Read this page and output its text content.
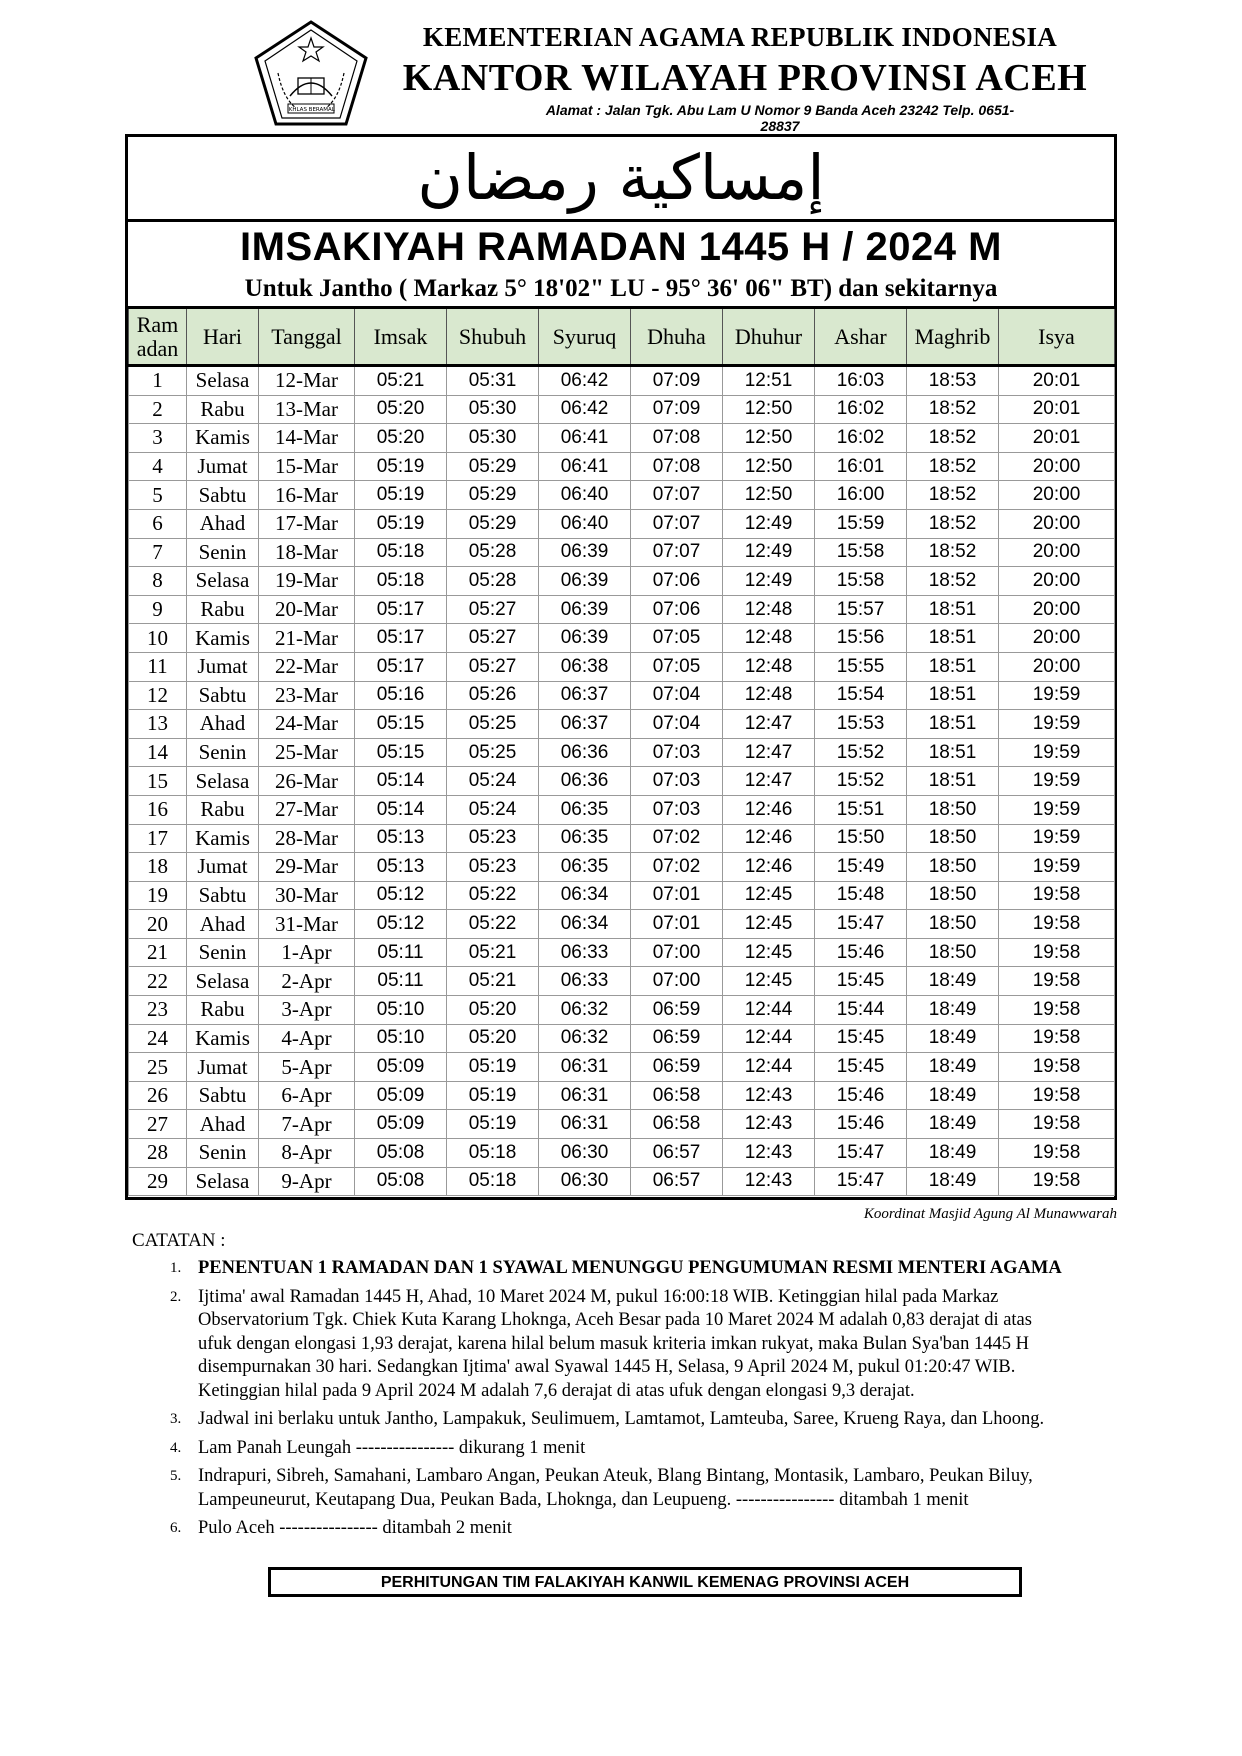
IKHLAS BERAMAL
KEMENTERIAN AGAMA REPUBLIK INDONESIA
KANTOR WILAYAH PROVINSI ACEH
Alamat : Jalan Tgk. Abu Lam U Nomor 9 Banda Aceh 23242 Telp. 0651-28837
إمساكية رمضان
IMSAKIYAH RAMADAN 1445 H / 2024 M
Untuk Jantho ( Markaz 5° 18'02" LU - 95° 36' 06" BT) dan sekitarnya
Ram
adan	Hari	Tanggal	Imsak	Shubuh	Syuruq	Dhuha	Dhuhur	Ashar	Maghrib	Isya
1	Selasa	12-Mar	05:21	05:31	06:42	07:09	12:51	16:03	18:53	20:01
2	Rabu	13-Mar	05:20	05:30	06:42	07:09	12:50	16:02	18:52	20:01
3	Kamis	14-Mar	05:20	05:30	06:41	07:08	12:50	16:02	18:52	20:01
4	Jumat	15-Mar	05:19	05:29	06:41	07:08	12:50	16:01	18:52	20:00
5	Sabtu	16-Mar	05:19	05:29	06:40	07:07	12:50	16:00	18:52	20:00
6	Ahad	17-Mar	05:19	05:29	06:40	07:07	12:49	15:59	18:52	20:00
7	Senin	18-Mar	05:18	05:28	06:39	07:07	12:49	15:58	18:52	20:00
8	Selasa	19-Mar	05:18	05:28	06:39	07:06	12:49	15:58	18:52	20:00
9	Rabu	20-Mar	05:17	05:27	06:39	07:06	12:48	15:57	18:51	20:00
10	Kamis	21-Mar	05:17	05:27	06:39	07:05	12:48	15:56	18:51	20:00
11	Jumat	22-Mar	05:17	05:27	06:38	07:05	12:48	15:55	18:51	20:00
12	Sabtu	23-Mar	05:16	05:26	06:37	07:04	12:48	15:54	18:51	19:59
13	Ahad	24-Mar	05:15	05:25	06:37	07:04	12:47	15:53	18:51	19:59
14	Senin	25-Mar	05:15	05:25	06:36	07:03	12:47	15:52	18:51	19:59
15	Selasa	26-Mar	05:14	05:24	06:36	07:03	12:47	15:52	18:51	19:59
16	Rabu	27-Mar	05:14	05:24	06:35	07:03	12:46	15:51	18:50	19:59
17	Kamis	28-Mar	05:13	05:23	06:35	07:02	12:46	15:50	18:50	19:59
18	Jumat	29-Mar	05:13	05:23	06:35	07:02	12:46	15:49	18:50	19:59
19	Sabtu	30-Mar	05:12	05:22	06:34	07:01	12:45	15:48	18:50	19:58
20	Ahad	31-Mar	05:12	05:22	06:34	07:01	12:45	15:47	18:50	19:58
21	Senin	1-Apr	05:11	05:21	06:33	07:00	12:45	15:46	18:50	19:58
22	Selasa	2-Apr	05:11	05:21	06:33	07:00	12:45	15:45	18:49	19:58
23	Rabu	3-Apr	05:10	05:20	06:32	06:59	12:44	15:44	18:49	19:58
24	Kamis	4-Apr	05:10	05:20	06:32	06:59	12:44	15:45	18:49	19:58
25	Jumat	5-Apr	05:09	05:19	06:31	06:59	12:44	15:45	18:49	19:58
26	Sabtu	6-Apr	05:09	05:19	06:31	06:58	12:43	15:46	18:49	19:58
27	Ahad	7-Apr	05:09	05:19	06:31	06:58	12:43	15:46	18:49	19:58
28	Senin	8-Apr	05:08	05:18	06:30	06:57	12:43	15:47	18:49	19:58
29	Selasa	9-Apr	05:08	05:18	06:30	06:57	12:43	15:47	18:49	19:58
Koordinat Masjid Agung Al Munawwarah
CATATAN :
1. PENENTUAN 1 RAMADAN DAN 1 SYAWAL MENUNGGU PENGUMUMAN RESMI MENTERI AGAMA
2. Ijtima' awal Ramadan 1445 H, Ahad, 10 Maret 2024 M, pukul 16:00:18 WIB. Ketinggian hilal pada Markaz
Observatorium Tgk. Chiek Kuta Karang Lhoknga, Aceh Besar pada 10 Maret 2024 M adalah 0,83 derajat di atas
ufuk dengan elongasi 1,93 derajat, karena hilal belum masuk kriteria imkan rukyat, maka Bulan Sya'ban 1445 H
disempurnakan 30 hari. Sedangkan Ijtima' awal Syawal 1445 H, Selasa, 9 April 2024 M, pukul 01:20:47 WIB.
Ketinggian hilal pada 9 April 2024 M adalah 7,6 derajat di atas ufuk dengan elongasi 9,3 derajat.
3. Jadwal ini berlaku untuk Jantho, Lampakuk, Seulimuem, Lamtamot, Lamteuba, Saree, Krueng Raya, dan Lhoong.
4. Lam Panah Leungah ---------------- dikurang 1 menit
5. Indrapuri, Sibreh, Samahani, Lambaro Angan, Peukan Ateuk, Blang Bintang, Montasik, Lambaro, Peukan Biluy,
Lampeuneurut, Keutapang Dua, Peukan Bada, Lhoknga, dan Leupueng. ---------------- ditambah 1 menit
6. Pulo Aceh ---------------- ditambah 2 menit
PERHITUNGAN TIM FALAKIYAH KANWIL KEMENAG PROVINSI ACEH
